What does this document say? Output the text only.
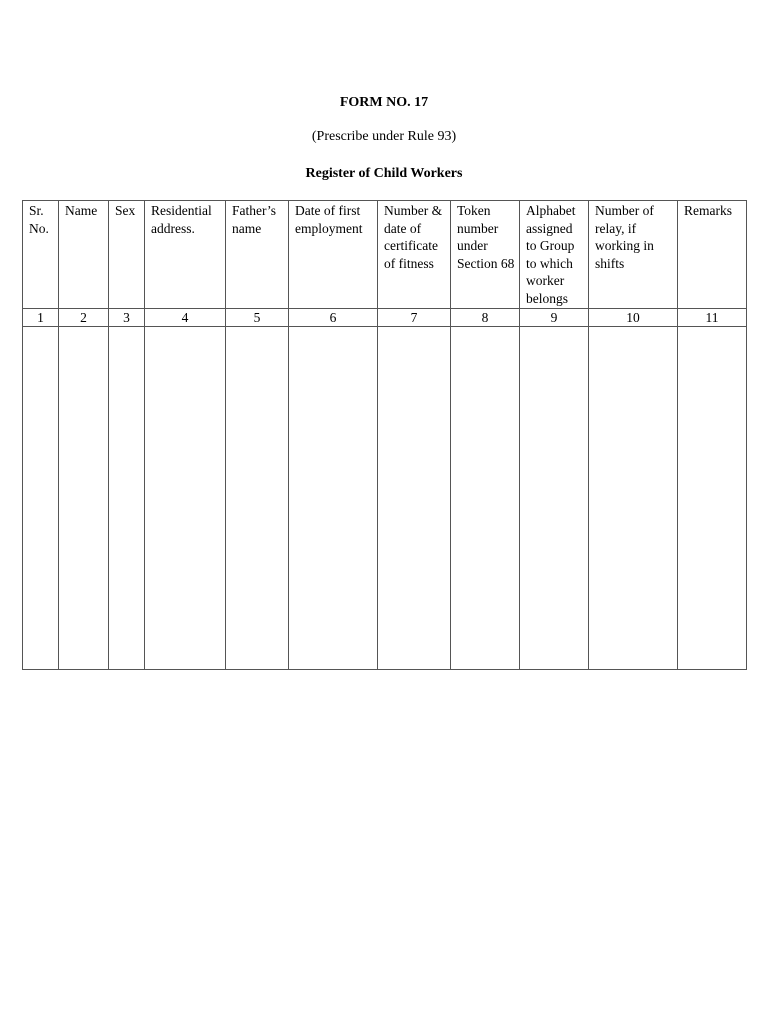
FORM NO. 17
(Prescribe under Rule 93)
Register of Child Workers
Sr. No.	Name	Sex	Residential address.	Father’s name	Date of first employment	Number & date of certificate of fitness	Token number under Section 68	Alphabet assigned to Group to which worker belongs	Number of relay, if working in shifts	Remarks
1	2	3	4	5	6	7	8	9	10	11
